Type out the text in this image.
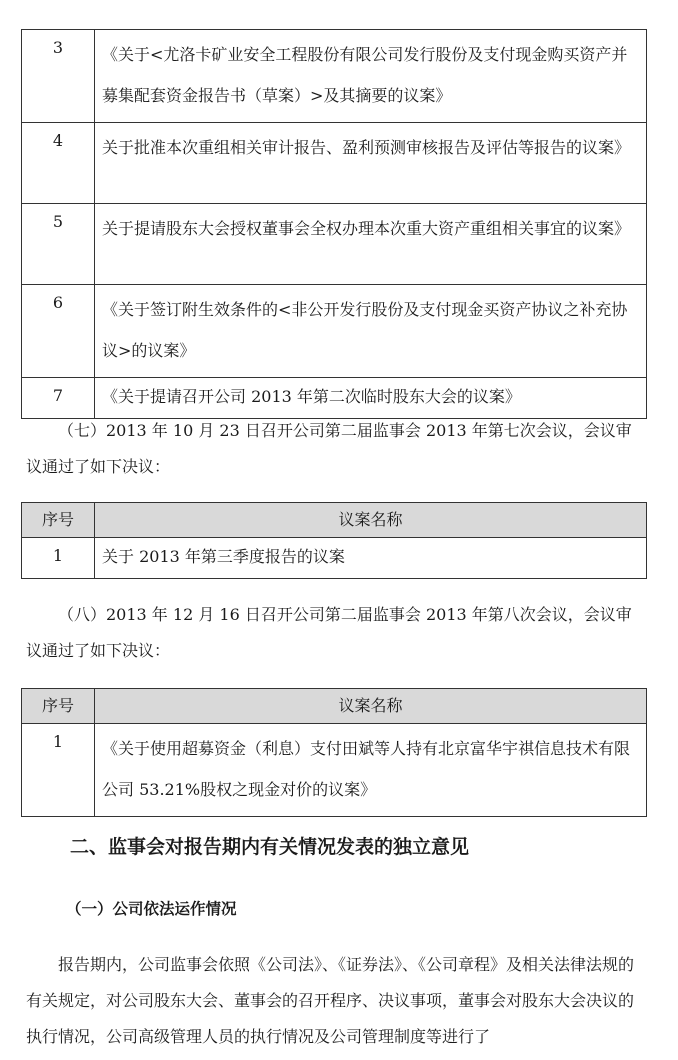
3	《关于<尤洛卡矿业安全工程股份有限公司发行股份及支付现金购买资产并募集配套资金报告书（草案）>及其摘要的议案》
4	关于批准本次重组相关审计报告、盈利预测审核报告及评估等报告的议案》
5	关于提请股东大会授权董事会全权办理本次重大资产重组相关事宜的议案》
6	《关于签订附生效条件的<非公开发行股份及支付现金买资产协议之补充协议>的议案》
7	《关于提请召开公司 2013 年第二次临时股东大会的议案》
（七）2013 年 10 月 23 日召开公司第二届监事会 2013 年第七次会议，会议审议通过了如下决议：
序号	议案名称
1	关于 2013 年第三季度报告的议案
（八）2013 年 12 月 16 日召开公司第二届监事会 2013 年第八次会议，会议审议通过了如下决议：
序号	议案名称
1	《关于使用超募资金（利息）支付田斌等人持有北京富华宇祺信息技术有限公司 53.21%股权之现金对价的议案》
二、监事会对报告期内有关情况发表的独立意见
（一）公司依法运作情况
报告期内，公司监事会依照《公司法》、《证券法》、《公司章程》及相关法律法规的有关规定，对公司股东大会、董事会的召开程序、决议事项，董事会对股东大会决议的执行情况，公司高级管理人员的执行情况及公司管理制度等进行了
